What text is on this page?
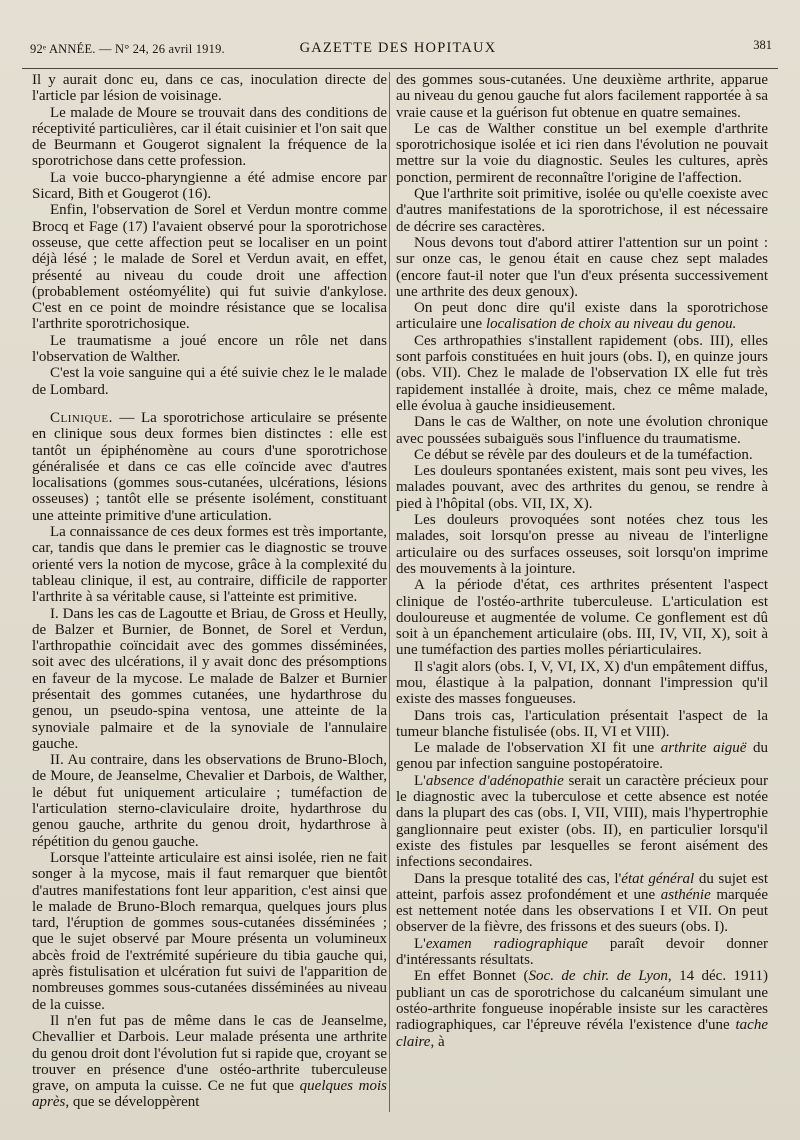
92ᵉ ANNÉE. — N° 24, 26 avril 1919.	GAZETTE DES HOPITAUX	381

Il y aurait donc eu, dans ce cas, inoculation directe de l'article par lésion de voisinage.

Le malade de Moure se trouvait dans des conditions de réceptivité particulières, car il était cuisinier et l'on sait que de Beurmann et Gougerot signalent la fréquence de la sporotrichose dans cette profession.

La voie bucco-pharyngienne a été admise encore par Sicard, Bith et Gougerot (16).

Enfin, l'observation de Sorel et Verdun montre comme Brocq et Fage (17) l'avaient observé pour la sporotrichose osseuse, que cette affection peut se localiser en un point déjà lésé ; le malade de Sorel et Verdun avait, en effet, présenté au niveau du coude droit une affection (probablement ostéomyélite) qui fut suivie d'ankylose. C'est en ce point de moindre résistance que se localisa l'arthrite sporotrichosique.

Le traumatisme a joué encore un rôle net dans l'observation de Walther.

C'est la voie sanguine qui a été suivie chez le le malade de Lombard.

Clinique. — La sporotrichose articulaire se présente en clinique sous deux formes bien distinctes : elle est tantôt un épiphénomène au cours d'une sporotrichose généralisée et dans ce cas elle coïncide avec d'autres localisations (gommes sous-cutanées, ulcérations, lésions osseuses) ; tantôt elle se présente isolément, constituant une atteinte primitive d'une articulation.

La connaissance de ces deux formes est très importante, car, tandis que dans le premier cas le diagnostic se trouve orienté vers la notion de mycose, grâce à la complexité du tableau clinique, il est, au contraire, difficile de rapporter l'arthrite à sa véritable cause, si l'atteinte est primitive.

I. Dans les cas de Lagoutte et Briau, de Gross et Heully, de Balzer et Burnier, de Bonnet, de Sorel et Verdun, l'arthropathie coïncidait avec des gommes disséminées, soit avec des ulcérations, il y avait donc des présomptions en faveur de la mycose. Le malade de Balzer et Burnier présentait des gommes cutanées, une hydarthrose du genou, un pseudo-spina ventosa, une atteinte de la synoviale palmaire et de la synoviale de l'annulaire gauche.

II. Au contraire, dans les observations de Bruno-Bloch, de Moure, de Jeanselme, Chevalier et Darbois, de Walther, le début fut uniquement articulaire ; tuméfaction de l'articulation sterno-claviculaire droite, hydarthrose du genou gauche, arthrite du genou droit, hydarthrose à répétition du genou gauche.

Lorsque l'atteinte articulaire est ainsi isolée, rien ne fait songer à la mycose, mais il faut remarquer que bientôt d'autres manifestations font leur apparition, c'est ainsi que le malade de Bruno-Bloch remarqua, quelques jours plus tard, l'éruption de gommes sous-cutanées disséminées ; que le sujet observé par Moure présenta un volumineux abcès froid de l'extrémité supérieure du tibia gauche qui, après fistulisation et ulcération fut suivi de l'apparition de nombreuses gommes sous-cutanées disséminées au niveau de la cuisse.

Il n'en fut pas de même dans le cas de Jeanselme, Chevallier et Darbois. Leur malade présenta une arthrite du genou droit dont l'évolution fut si rapide que, croyant se trouver en présence d'une ostéo-arthrite tuberculeuse grave, on amputa la cuisse. Ce ne fut que quelques mois après, que se développèrent

des gommes sous-cutanées. Une deuxième arthrite, apparue au niveau du genou gauche fut alors facilement rapportée à sa vraie cause et la guérison fut obtenue en quatre semaines.

Le cas de Walther constitue un bel exemple d'arthrite sporotrichosique isolée et ici rien dans l'évolution ne pouvait mettre sur la voie du diagnostic. Seules les cultures, après ponction, permirent de reconnaître l'origine de l'affection.

Que l'arthrite soit primitive, isolée ou qu'elle coexiste avec d'autres manifestations de la sporotrichose, il est nécessaire de décrire ses caractères.

Nous devons tout d'abord attirer l'attention sur un point : sur onze cas, le genou était en cause chez sept malades (encore faut-il noter que l'un d'eux présenta successivement une arthrite des deux genoux).

On peut donc dire qu'il existe dans la sporotrichose articulaire une localisation de choix au niveau du genou.

Ces arthropathies s'installent rapidement (obs. III), elles sont parfois constituées en huit jours (obs. I), en quinze jours (obs. VII). Chez le malade de l'observation IX elle fut très rapidement installée à droite, mais, chez ce même malade, elle évolua à gauche insidieusement.

Dans le cas de Walther, on note une évolution chronique avec poussées subaiguës sous l'influence du traumatisme.

Ce début se révèle par des douleurs et de la tuméfaction.

Les douleurs spontanées existent, mais sont peu vives, les malades pouvant, avec des arthrites du genou, se rendre à pied à l'hôpital (obs. VII, IX, X).

Les douleurs provoquées sont notées chez tous les malades, soit lorsqu'on presse au niveau de l'interligne articulaire ou des surfaces osseuses, soit lorsqu'on imprime des mouvements à la jointure.

A la période d'état, ces arthrites présentent l'aspect clinique de l'ostéo-arthrite tuberculeuse. L'articulation est douloureuse et augmentée de volume. Ce gonflement est dû soit à un épanchement articulaire (obs. III, IV, VII, X), soit à une tuméfaction des parties molles périarticulaires.

Il s'agit alors (obs. I, V, VI, IX, X) d'un empâtement diffus, mou, élastique à la palpation, donnant l'impression qu'il existe des masses fongueuses.

Dans trois cas, l'articulation présentait l'aspect de la tumeur blanche fistulisée (obs. II, VI et VIII).

Le malade de l'observation XI fit une arthrite aiguë du genou par infection sanguine postopératoire.

L'absence d'adénopathie serait un caractère précieux pour le diagnostic avec la tuberculose et cette absence est notée dans la plupart des cas (obs. I, VII, VIII), mais l'hypertrophie ganglionnaire peut exister (obs. II), en particulier lorsqu'il existe des fistules par lesquelles se feront aisément des infections secondaires.

Dans la presque totalité des cas, l'état général du sujet est atteint, parfois assez profondément et une asthénie marquée est nettement notée dans les observations I et VII. On peut observer de la fièvre, des frissons et des sueurs (obs. I).

L'examen radiographique paraît devoir donner d'intéressants résultats.

En effet Bonnet (Soc. de chir. de Lyon, 14 déc. 1911) publiant un cas de sporotrichose du calcanéum simulant une ostéo-arthrite fongueuse inopérable insiste sur les caractères radiographiques, car l'épreuve révéla l'existence d'une tache claire, à
